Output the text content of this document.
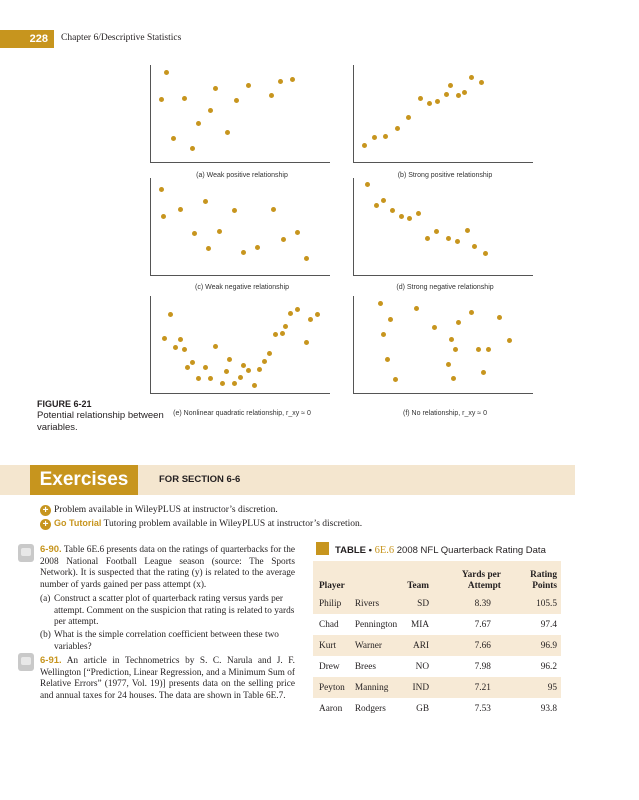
228	Chapter 6/Descriptive Statistics
(a) Weak positive relationship	(b) Strong positive relationship
(c) Weak negative relationship	(d) Strong negative relationship
(e) Nonlinear quadratic relationship, r_xy ≈ 0	(f) No relationship, r_xy ≈ 0
FIGURE 6-21
Potential relationship between variables.
Exercises	FOR SECTION 6-6
+ Problem available in WileyPLUS at instructor’s discretion.
+ Go Tutorial Tutoring problem available in WileyPLUS at instructor’s discretion.
6-90. Table 6E.6 presents data on the ratings of quarterbacks for the 2008 National Football League season (source: The Sports Network). It is suspected that the rating (y) is related to the average number of yards gained per pass attempt (x).
(a) Construct a scatter plot of quarterback rating versus yards per attempt. Comment on the suspicion that rating is related to yards per attempt.
(b) What is the simple correlation coefficient between these two variables?
6-91. An article in Technometrics by S. C. Narula and J. F. Wellington [“Prediction, Linear Regression, and a Minimum Sum of Relative Errors” (1977, Vol. 19)] presents data on the selling price and annual taxes for 24 houses. The data are shown in Table 6E.7.
TABLE • 6E.6 2008 NFL Quarterback Rating Data
Player		Team	Yards per Attempt	Rating Points
Philip	Rivers	SD	8.39	105.5
Chad	Pennington	MIA	7.67	97.4
Kurt	Warner	ARI	7.66	96.9
Drew	Brees	NO	7.98	96.2
Peyton	Manning	IND	7.21	95
Aaron	Rodgers	GB	7.53	93.8
